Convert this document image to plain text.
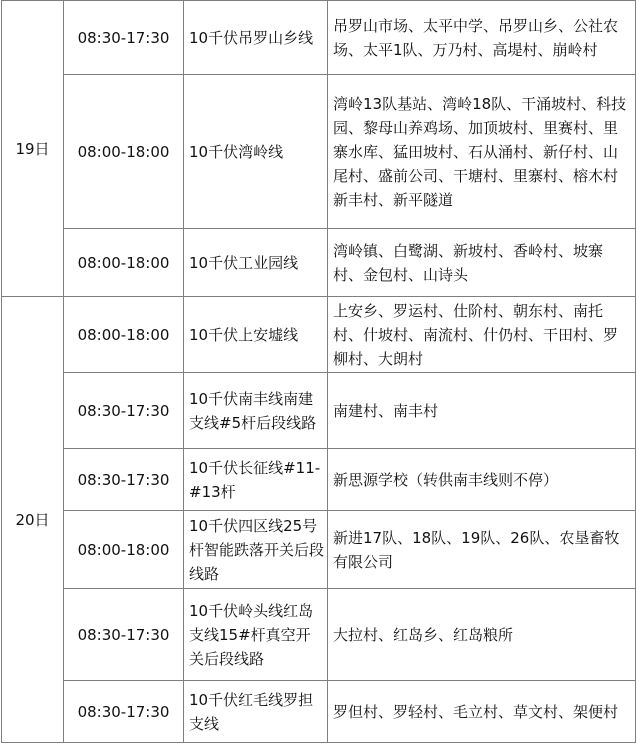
19日	08:30-17:30	10千伏吊罗山乡线	吊罗山市场、太平中学、吊罗山乡、公社农场、太平1队、万乃村、高堤村、崩岭村
	08:00-18:00	10千伏湾岭线	湾岭13队基站、湾岭18队、干涌坡村、科技园、黎母山养鸡场、加顶坡村、里赛村、里寨水库、猛田坡村、石从涌村、新仔村、山尾村、盛前公司、干塘村、里寨村、榕木村新丰村、新平隧道
	08:00-18:00	10千伏工业园线	湾岭镇、白鹭湖、新坡村、香岭村、坡寨村、金包村、山诗头
20日	08:00-18:00	10千伏上安墟线	上安乡、罗运村、仕阶村、朝东村、南托村、什坡村、南流村、什仍村、干田村、罗柳村、大朗村
	08:30-17:30	10千伏南丰线南建支线#5杆后段线路	南建村、南丰村
	08:30-17:30	10千伏长征线#11-#13杆	新思源学校（转供南丰线则不停）
	08:00-18:00	10千伏四区线25号杆智能跌落开关后段线路	新进17队、18队、19队、26队、农垦畜牧有限公司
	08:30-17:30	10千伏岭头线红岛支线15#杆真空开关后段线路	大拉村、红岛乡、红岛粮所
	08:30-17:30	10千伏红毛线罗担支线	罗但村、罗轻村、毛立村、草文村、架便村
